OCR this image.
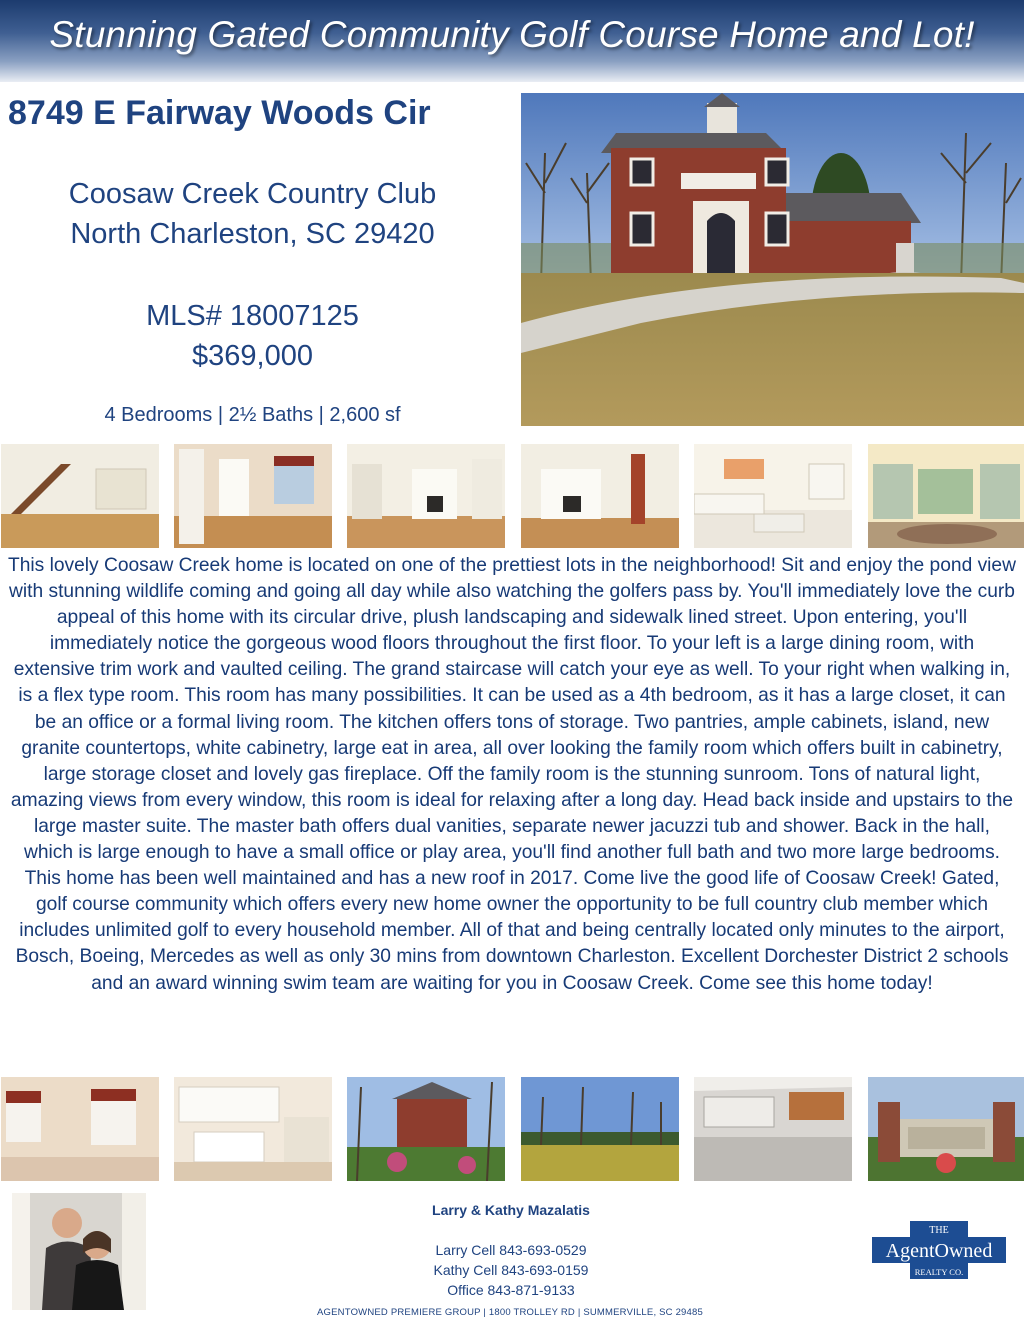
Stunning Gated Community Golf Course Home and Lot!
8749 E Fairway Woods Cir
Coosaw Creek Country Club
North Charleston, SC 29420
MLS# 18007125
$369,000
4 Bedrooms | 2½ Baths | 2,600 sf
This lovely Coosaw Creek home is located on one of the prettiest lots in the neighborhood! Sit and enjoy the pond view with stunning wildlife coming and going all day while also watching the golfers pass by. You'll immediately love the curb appeal of this home with its circular drive, plush landscaping and sidewalk lined street. Upon entering, you'll immediately notice the gorgeous wood floors throughout the first floor. To your left is a large dining room, with extensive trim work and vaulted ceiling. The grand staircase will catch your eye as well. To your right when walking in, is a flex type room. This room has many possibilities. It can be used as a 4th bedroom, as it has a large closet, it can be an office or a formal living room. The kitchen offers tons of storage. Two pantries, ample cabinets, island, new granite countertops, white cabinetry, large eat in area, all over looking the family room which offers built in cabinetry, large storage closet and lovely gas fireplace. Off the family room is the stunning sunroom. Tons of natural light, amazing views from every window, this room is ideal for relaxing after a long day. Head back inside and upstairs to the large master suite. The master bath offers dual vanities, separate newer jacuzzi tub and shower. Back in the hall, which is large enough to have a small office or play area, you'll find another full bath and two more large bedrooms. This home has been well maintained and has a new roof in 2017. Come live the good life of Coosaw Creek! Gated, golf course community which offers every new home owner the opportunity to be full country club member which includes unlimited golf to every household member. All of that and being centrally located only minutes to the airport, Bosch, Boeing, Mercedes as well as only 30 mins from downtown Charleston. Excellent Dorchester District 2 schools and an award winning swim team are waiting for you in Coosaw Creek. Come see this home today!
Larry & Kathy Mazalatis
Larry Cell 843-693-0529
Kathy Cell 843-693-0159
Office 843-871-9133
AGENTOWNED PREMIERE GROUP | 1800 TROLLEY RD | SUMMERVILLE, SC 29485
THE
AgentOwned
REALTY CO.
